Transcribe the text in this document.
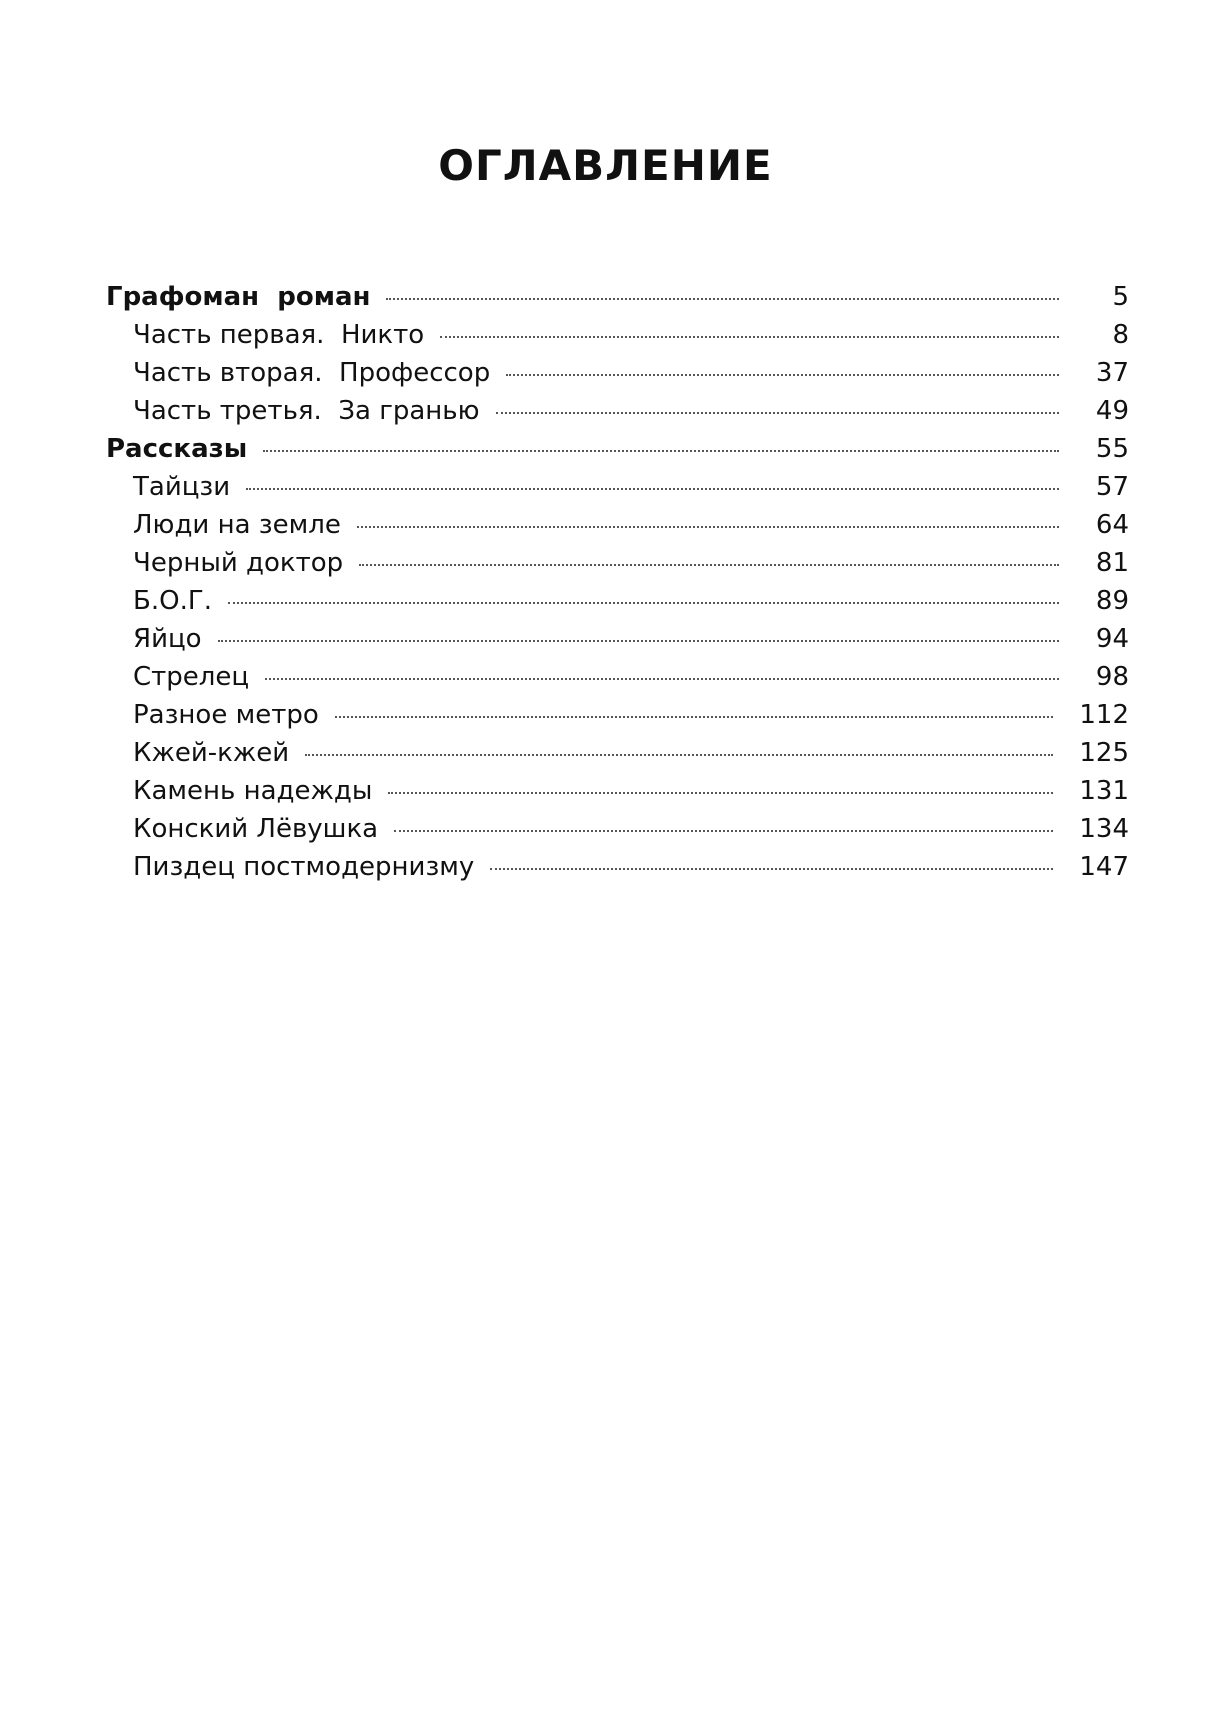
ОГЛАВЛЕНИЕ
Графоман  роман	5
Часть первая.  Никто	8
Часть вторая.  Профессор	37
Часть третья.  За гранью	49
Рассказы	55
Тайцзи	57
Люди на земле	64
Черный доктор	81
Б.О.Г.	89
Яйцо	94
Стрелец	98
Разное метро	112
Кжей-кжей	125
Камень надежды	131
Конский Лёвушка	134
Пиздец постмодернизму	147
